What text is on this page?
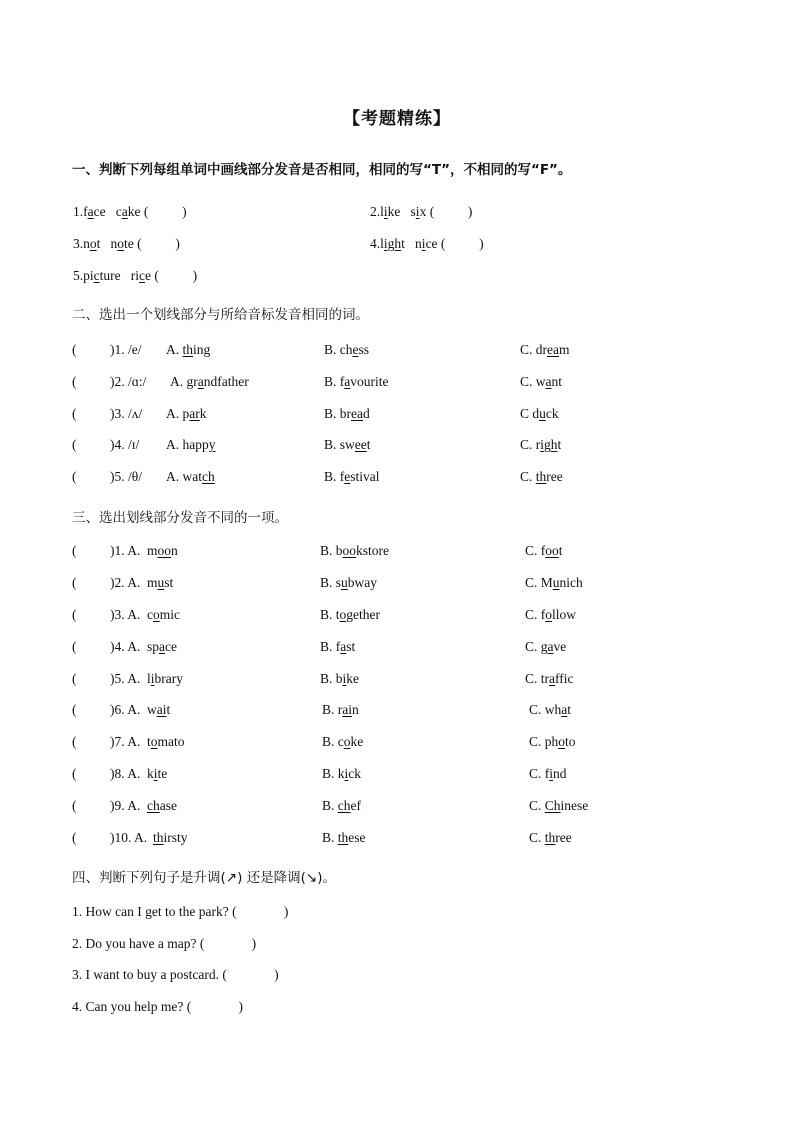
【考题精练】
一、判断下列每组单词中画线部分发音是否相同，相同的写“T”，不相同的写“F”。
1.face cake (          )	2.like six (          )
3.not note (          )	4.light nice (          )
5.picture rice (          )
二、选出一个划线部分与所给音标发音相同的词。
( )1. /e/ A. thing	B. chess	C. dream
( )2. /ɑ:/ A. grandfather	B. favourite	C. want
( )3. /ʌ/ A. park	B. bread	C duck
( )4. /ɪ/ A. happy	B. sweet	C. right
( )5. /θ/ A. watch	B. festival	C. three
三、选出划线部分发音不同的一项。
( )1. A. moon	B. bookstore	C. foot
( )2. A. must	B. subway	C. Munich
( )3. A. comic	B. together	C. follow
( )4. A. space	B. fast	C. gave
( )5. A. library	B. bike	C. traffic
( )6. A. wait	B. rain	C. what
( )7. A. tomato	B. coke	C. photo
( )8. A. kite	B. kick	C. find
( )9. A. chase	B. chef	C. Chinese
( )10. A. thirsty	B. these	C. three
四、判断下列句子是升调(↗) 还是降调(↘)。
1. How can I get to the park? (              )
2. Do you have a map? (              )
3. I want to buy a postcard. (              )
4. Can you help me? (              )
